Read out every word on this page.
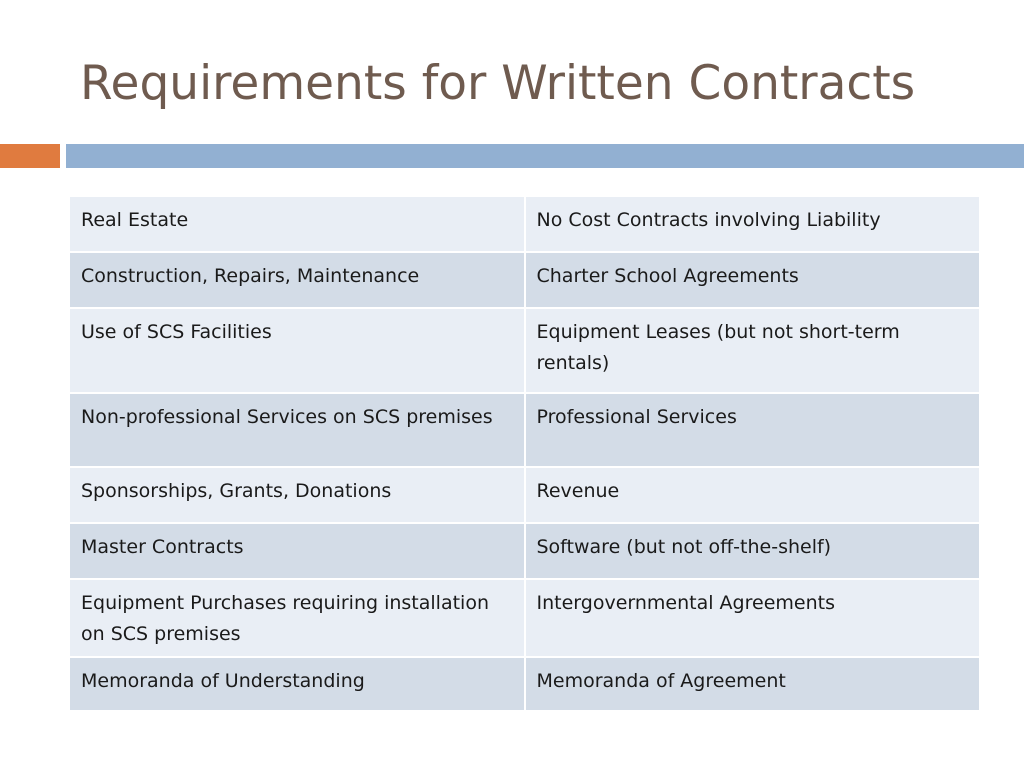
Requirements for Written Contracts
Real Estate	No Cost Contracts involving Liability
Construction, Repairs, Maintenance	Charter School Agreements
Use of SCS Facilities	Equipment Leases (but not short-term rentals)
Non-professional Services on SCS premises	Professional Services
Sponsorships, Grants, Donations	Revenue
Master Contracts	Software (but not off-the-shelf)
Equipment Purchases requiring installation on SCS premises	Intergovernmental Agreements
Memoranda of Understanding	Memoranda of Agreement
